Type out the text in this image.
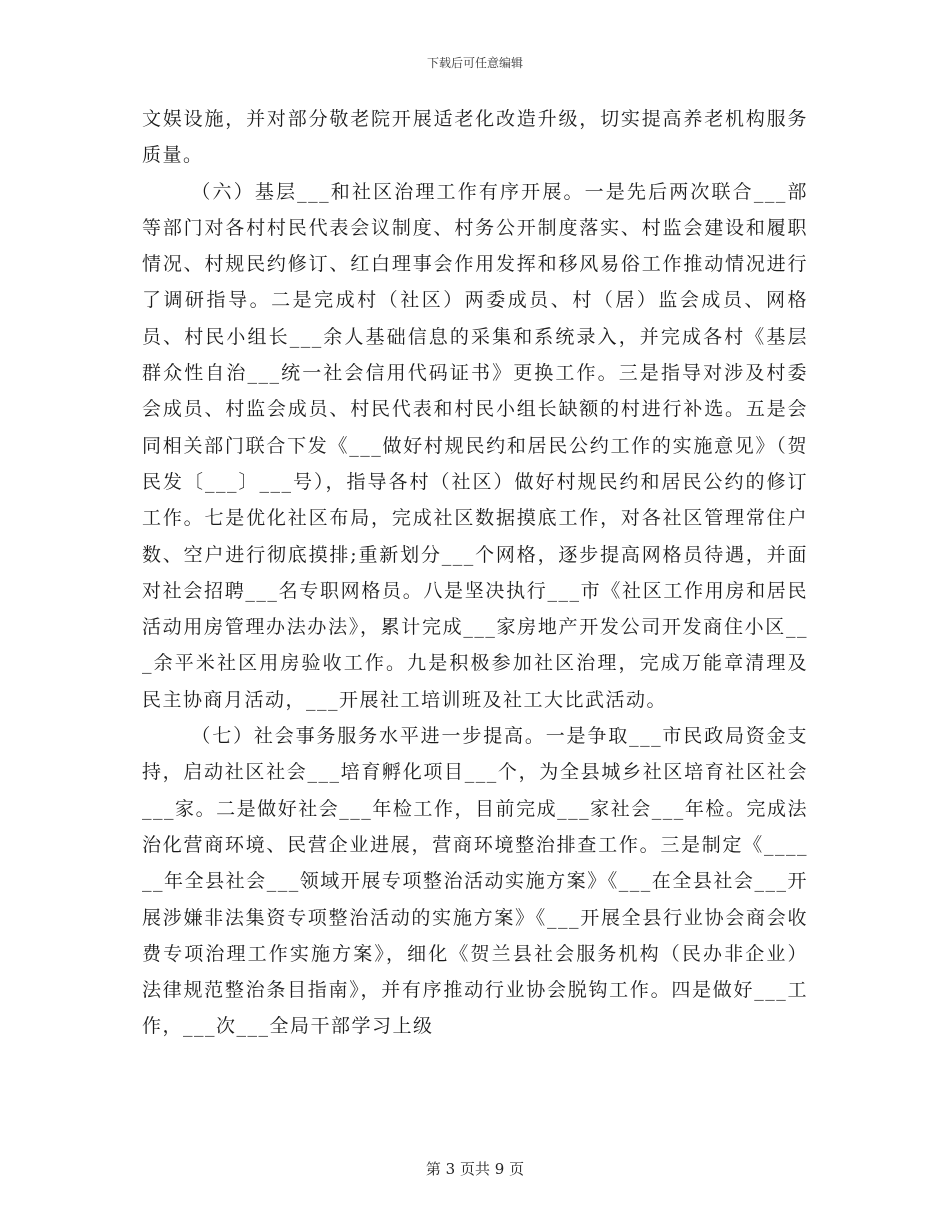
下载后可任意编辑

文娱设施，并对部分敬老院开展适老化改造升级，切实提高养老机构服务质量。

（六）基层___和社区治理工作有序开展。一是先后两次联合___部等部门对各村村民代表会议制度、村务公开制度落实、村监会建设和履职情况、村规民约修订、红白理事会作用发挥和移风易俗工作推动情况进行了调研指导。二是完成村（社区）两委成员、村（居）监会成员、网格员、村民小组长___余人基础信息的采集和系统录入，并完成各村《基层群众性自治___统一社会信用代码证书》更换工作。三是指导对涉及村委会成员、村监会成员、村民代表和村民小组长缺额的村进行补选。五是会同相关部门联合下发《___做好村规民约和居民公约工作的实施意见》（贺民发〔___〕___号），指导各村（社区）做好村规民约和居民公约的修订工作。七是优化社区布局，完成社区数据摸底工作，对各社区管理常住户数、空户进行彻底摸排;重新划分___个网格，逐步提高网格员待遇，并面对社会招聘___名专职网格员。八是坚决执行___市《社区工作用房和居民活动用房管理办法办法》，累计完成___家房地产开发公司开发商住小区___余平米社区用房验收工作。九是积极参加社区治理，完成万能章清理及民主协商月活动，___开展社工培训班及社工大比武活动。

（七）社会事务服务水平进一步提高。一是争取___市民政局资金支持，启动社区社会___培育孵化项目___个，为全县城乡社区培育社区社会___家。二是做好社会___年检工作，目前完成___家社会___年检。完成法治化营商环境、民营企业进展，营商环境整治排查工作。三是制定《______年全县社会___领域开展专项整治活动实施方案》《___在全县社会___开展涉嫌非法集资专项整治活动的实施方案》《___开展全县行业协会商会收费专项治理工作实施方案》，细化《贺兰县社会服务机构（民办非企业）法律规范整治条目指南》，并有序推动行业协会脱钩工作。四是做好___工作，___次___全局干部学习上级

第 3 页共 9 页
